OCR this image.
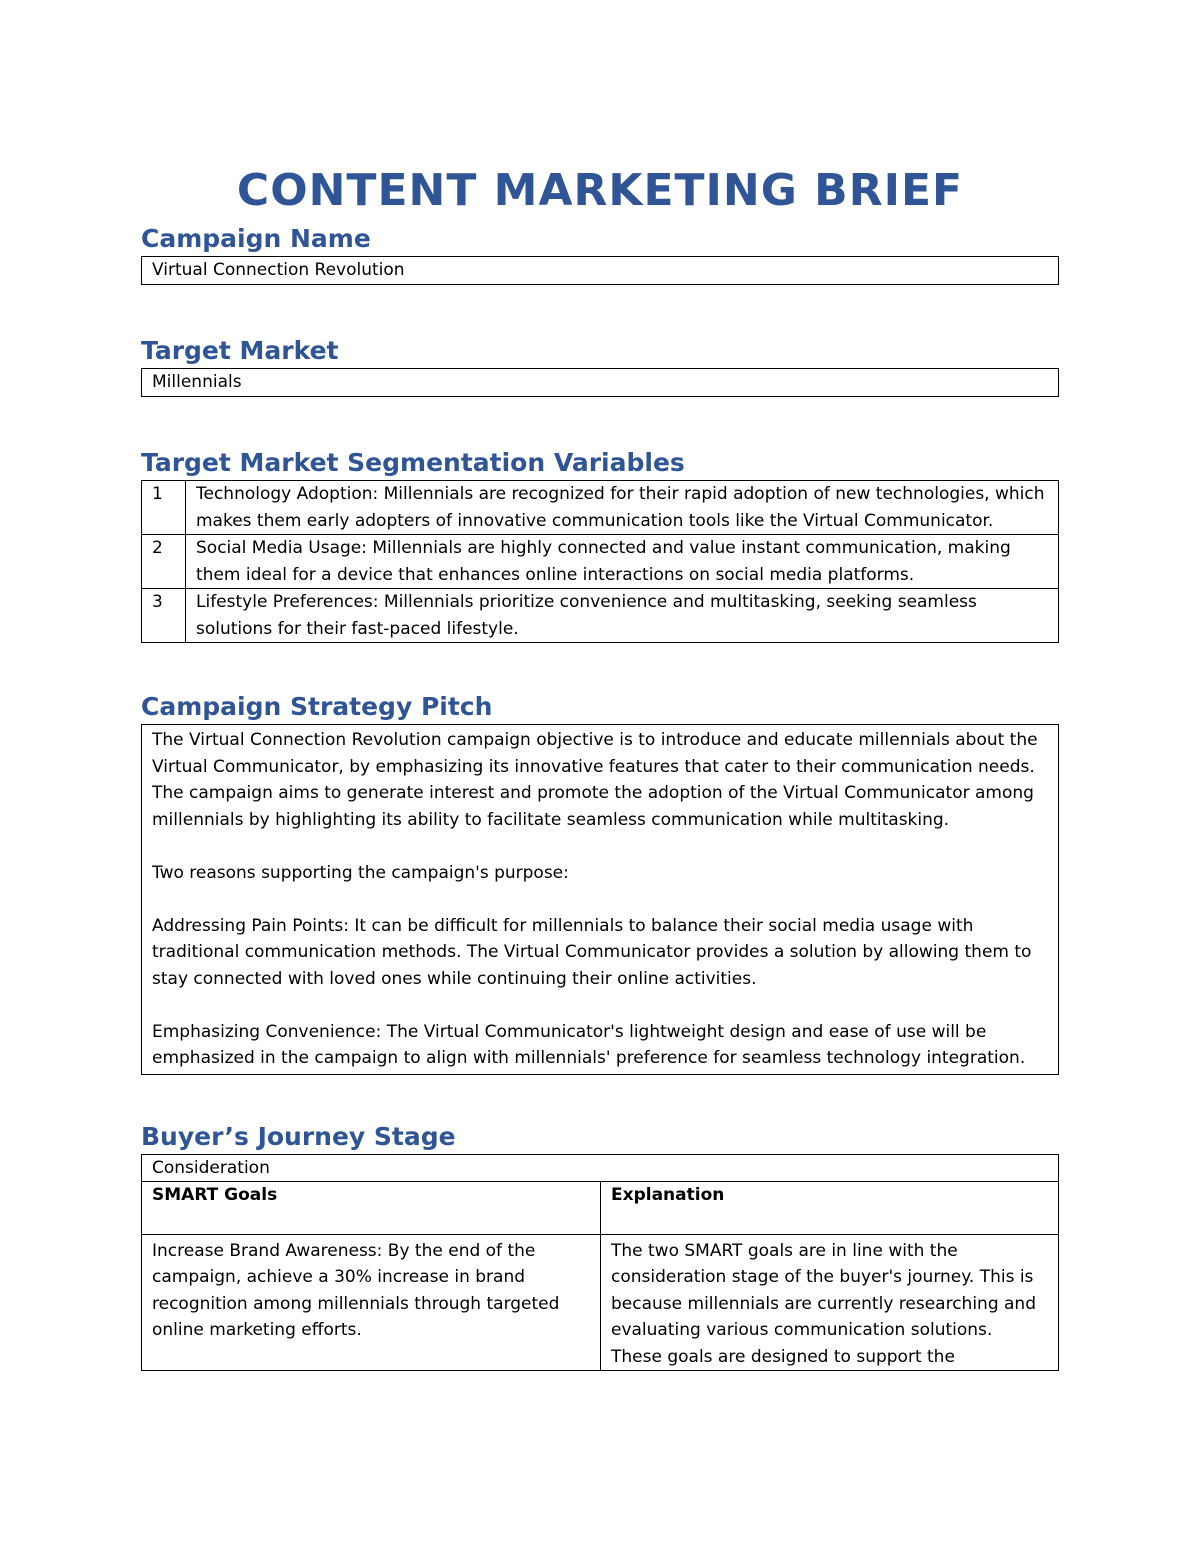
CONTENT MARKETING BRIEF
Campaign Name
Virtual Connection Revolution
Target Market
Millennials
Target Market Segmentation Variables
1	Technology Adoption: Millennials are recognized for their rapid adoption of new technologies, which makes them early adopters of innovative communication tools like the Virtual Communicator.
2	Social Media Usage: Millennials are highly connected and value instant communication, making them ideal for a device that enhances online interactions on social media platforms.
3	Lifestyle Preferences: Millennials prioritize convenience and multitasking, seeking seamless solutions for their fast-paced lifestyle.
Campaign Strategy Pitch

The Virtual Connection Revolution campaign objective is to introduce and educate millennials about the Virtual Communicator, by emphasizing its innovative features that cater to their communication needs. The campaign aims to generate interest and promote the adoption of the Virtual Communicator among millennials by highlighting its ability to facilitate seamless communication while multitasking.

Two reasons supporting the campaign's purpose:

Addressing Pain Points: It can be difficult for millennials to balance their social media usage with traditional communication methods. The Virtual Communicator provides a solution by allowing them to stay connected with loved ones while continuing their online activities.

Emphasizing Convenience: The Virtual Communicator's lightweight design and ease of use will be emphasized in the campaign to align with millennials' preference for seamless technology integration.

Buyer’s Journey Stage
Consideration	
SMART Goals	Explanation
Increase Brand Awareness: By the end of the campaign, achieve a 30% increase in brand recognition among millennials through targeted online marketing efforts.	The two SMART goals are in line with the consideration stage of the buyer's journey. This is because millennials are currently researching and evaluating various communication solutions. These goals are designed to support the
